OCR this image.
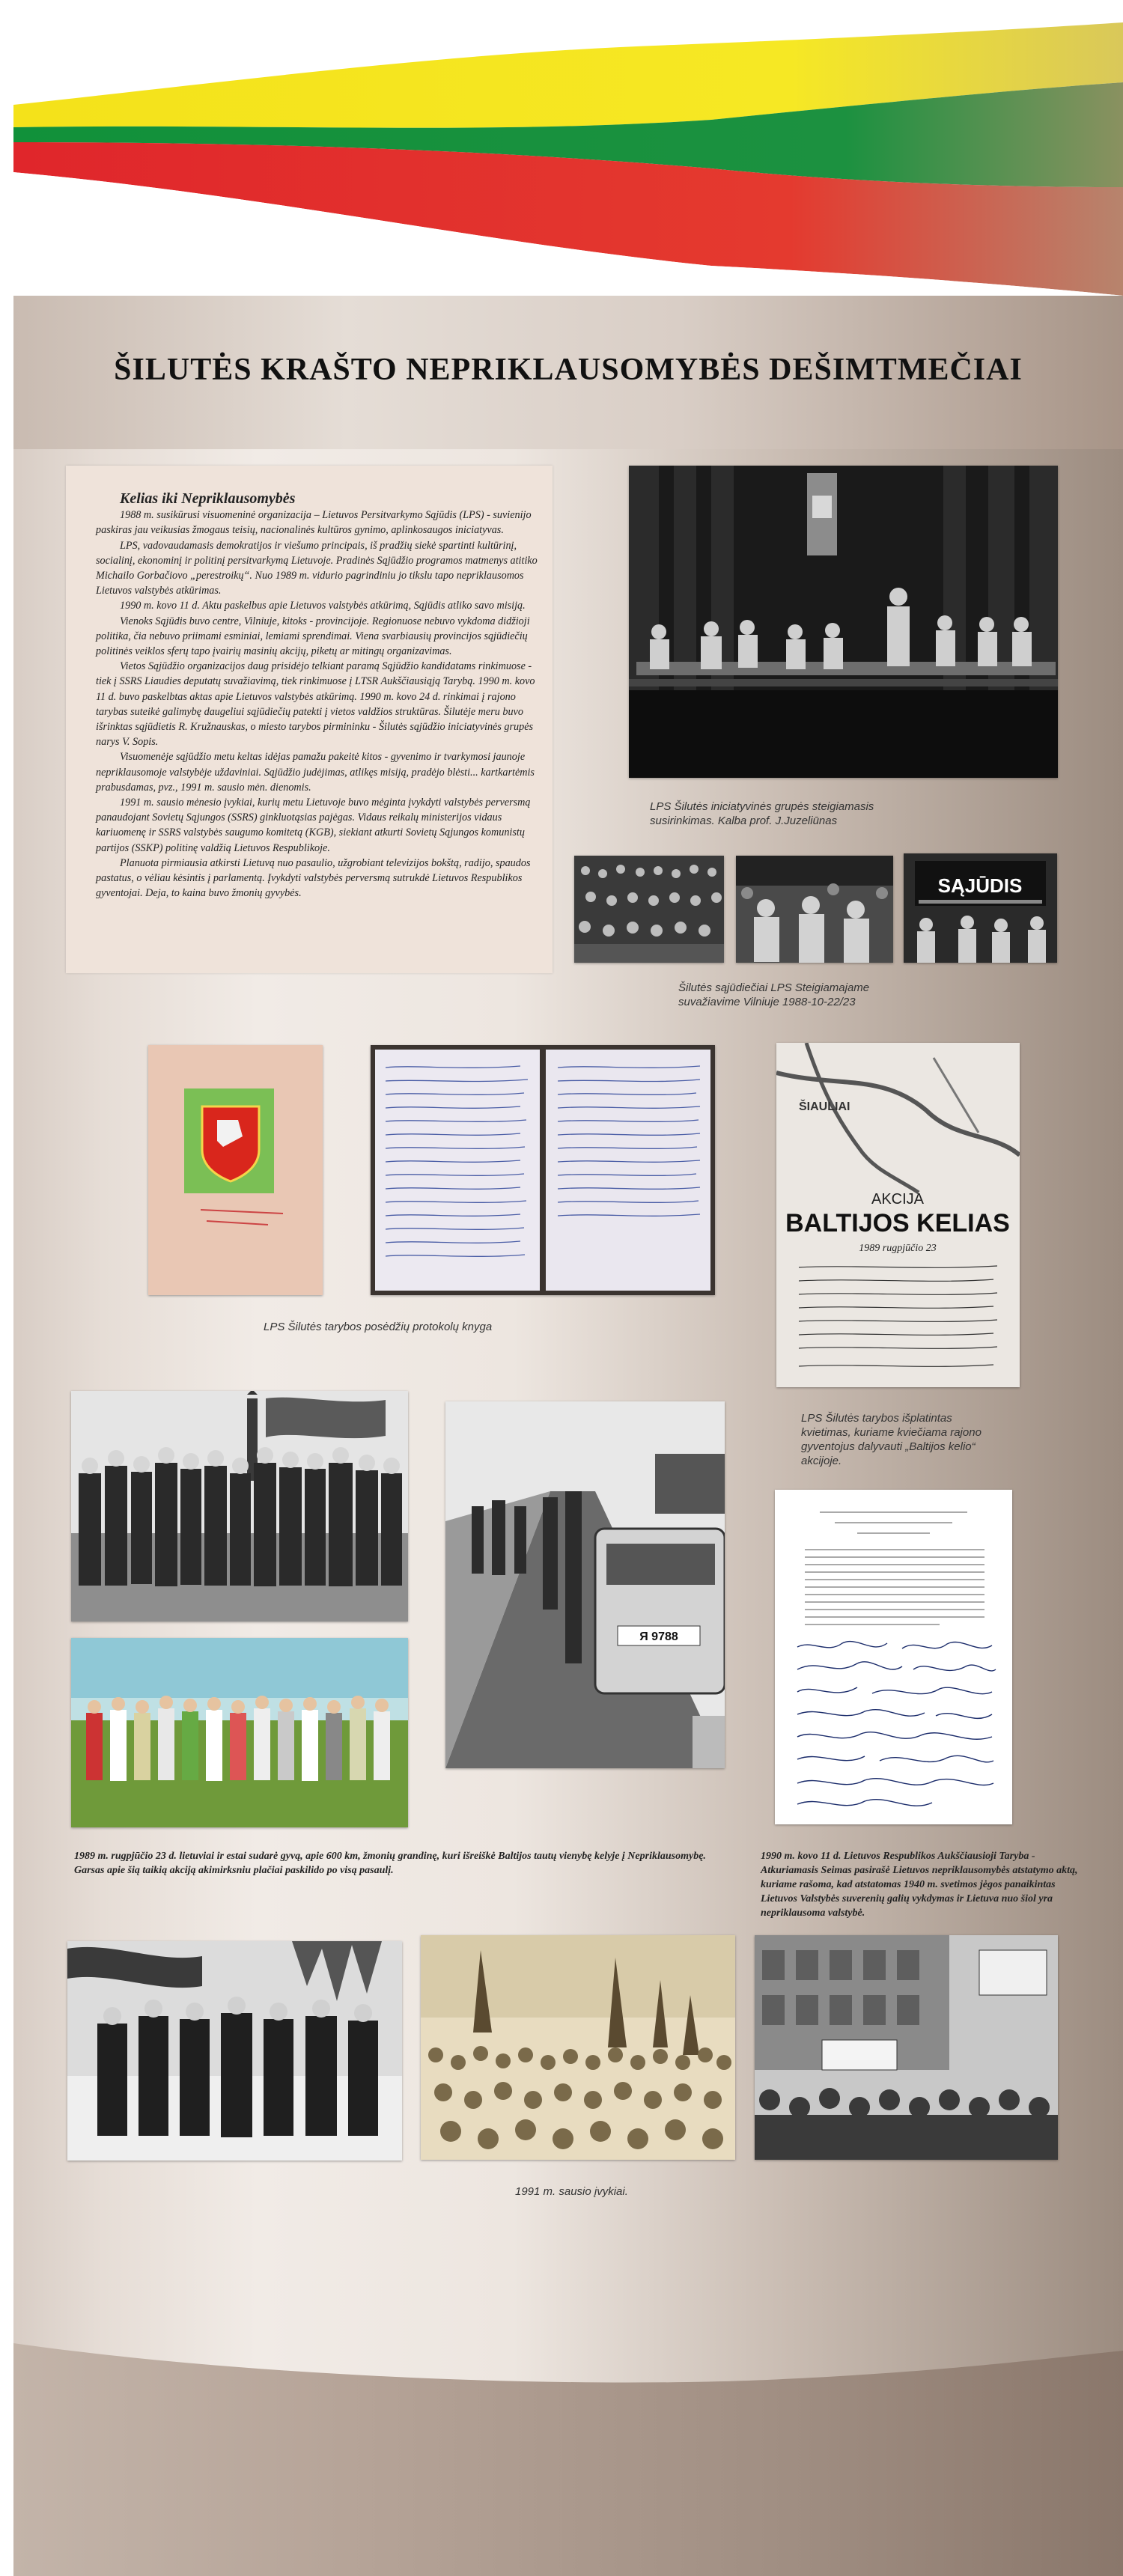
ŠILUTĖS KRAŠTO NEPRIKLAUSOMYBĖS DEŠIMTMEČIAI
Kelias iki Nepriklausomybės

1988 m. susikūrusi visuomeninė organizacija – Lietuvos Persitvarkymo Sąjūdis (LPS) - suvienijo paskiras jau veikusias žmogaus teisių, nacionalinės kultūros gynimo, aplinkosaugos iniciatyvas.

LPS, vadovaudamasis demokratijos ir viešumo principais, iš pradžių siekė spartinti kultūrinį, socialinį, ekonominį ir politinį persitvarkymą Lietuvoje. Pradinės Sąjūdžio programos matmenys atitiko Michailo Gorbačiovo „perestroikų“. Nuo 1989 m. vidurio pagrindiniu jo tikslu tapo nepriklausomos Lietuvos valstybės atkūrimas.

1990 m. kovo 11 d. Aktu paskelbus apie Lietuvos valstybės atkūrimą, Sąjūdis atliko savo misiją.

Vienoks Sąjūdis buvo centre, Vilniuje, kitoks - provincijoje. Regionuose nebuvo vykdoma didžioji politika, čia nebuvo priimami esminiai, lemiami sprendimai. Viena svarbiausių provincijos sąjūdiečių politinės veiklos sferų tapo įvairių masinių akcijų, piketų ar mitingų organizavimas.

Vietos Sąjūdžio organizacijos daug prisidėjo telkiant paramą Sąjūdžio kandidatams rinkimuose - tiek į SSRS Liaudies deputatų suvažiavimą, tiek rinkimuose į LTSR Aukščiausiąją Tarybą. 1990 m. kovo 11 d. buvo paskelbtas aktas apie Lietuvos valstybės atkūrimą. 1990 m. kovo 24 d. rinkimai į rajono tarybas suteikė galimybę daugeliui sąjūdiečių patekti į vietos valdžios struktūras. Šilutėje meru buvo išrinktas sąjūdietis R. Kružnauskas, o miesto tarybos pirmininku - Šilutės sąjūdžio iniciatyvinės grupės narys V. Sopis.

Visuomenėje sąjūdžio metu keltas idėjas pamažu pakeitė kitos - gyvenimo ir tvarkymosi jaunoje nepriklausomoje valstybėje uždaviniai. Sąjūdžio judėjimas, atlikęs misiją, pradėjo blėsti... kartkartėmis prabusdamas, pvz., 1991 m. sausio mėn. dienomis.

1991 m. sausio mėnesio įvykiai, kurių metu Lietuvoje buvo mėginta įvykdyti valstybės perversmą panaudojant Sovietų Sąjungos (SSRS) ginkluotąsias pajėgas. Vidaus reikalų ministerijos vidaus kariuomenę ir SSRS valstybės saugumo komitetą (KGB), siekiant atkurti Sovietų Sąjungos komunistų partijos (SSKP) politinę valdžią Lietuvos Respublikoje.

Planuota pirmiausia atkirsti Lietuvą nuo pasaulio, užgrobiant televizijos bokštą, radijo, spaudos pastatus, o vėliau kėsintis į parlamentą. Įvykdyti valstybės perversmą sutrukdė Lietuvos Respublikos gyventojai. Deja, to kaina buvo žmonių gyvybės.

LPS Šilutės iniciatyvinės grupės steigiamasis susirinkimas. Kalba prof. J.Juzeliūnas
SĄJŪDIS
Šilutės sąjūdiečiai LPS Steigiamajame suvažiavime Vilniuje 1988-10-22/23
ŠIAULIAI
AKCIJA
BALTIJOS KELIAS
1989 rugpjūčio 23
LPS Šilutės tarybos posėdžių protokolų knyga
LPS Šilutės tarybos išplatintas kvietimas, kuriame kviečiama rajono gyventojus dalyvauti „Baltijos kelio“ akcijoje.
Я 9788
1989 m. rugpjūčio 23 d. lietuviai ir estai sudarė gyvą, apie 600 km, žmonių grandinę, kuri išreiškė Baltijos tautų vienybę kelyje į Nepriklausomybę. Garsas apie šią taikią akciją akimirksniu plačiai paskilido po visą pasaulį.
1990 m. kovo 11 d. Lietuvos Respublikos Aukščiausioji Taryba - Atkuriamasis Seimas pasirašė Lietuvos nepriklausomybės atstatymo aktą, kuriame rašoma, kad atstatomas 1940 m. svetimos jėgos panaikintas Lietuvos Valstybės suverenių galių vykdymas ir Lietuva nuo šiol yra nepriklausoma valstybė.
1991 m. sausio įvykiai.
